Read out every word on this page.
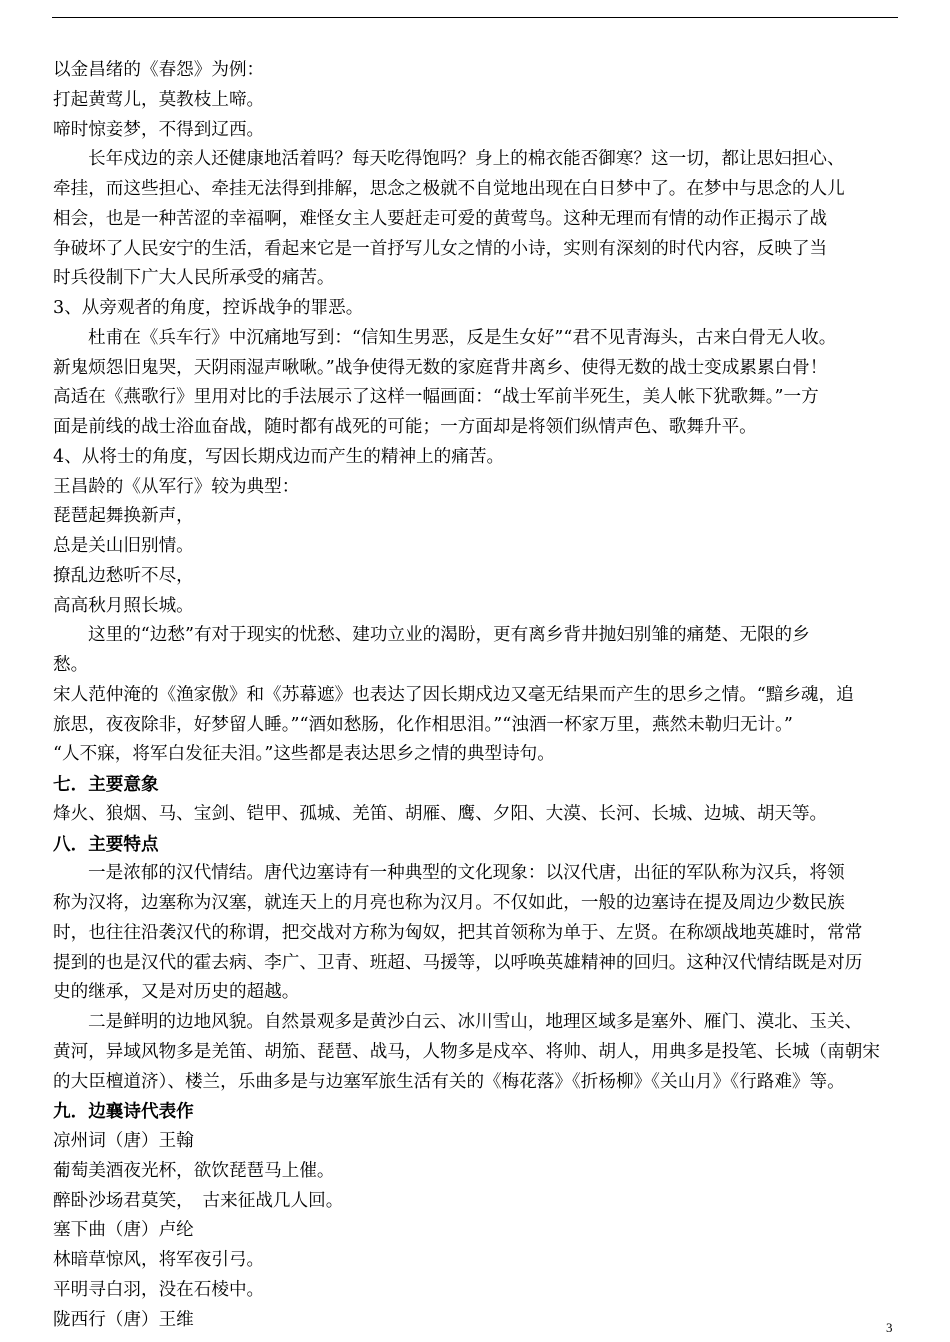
以金昌绪的《春怨》为例：
打起黄莺儿，莫教枝上啼。
啼时惊妾梦，不得到辽西。
长年戍边的亲人还健康地活着吗？每天吃得饱吗？身上的棉衣能否御寒？这一切，都让思妇担心、
牵挂，而这些担心、牵挂无法得到排解，思念之极就不自觉地出现在白日梦中了。在梦中与思念的人儿
相会，也是一种苦涩的幸福啊，难怪女主人要赶走可爱的黄莺鸟。这种无理而有情的动作正揭示了战
争破坏了人民安宁的生活，看起来它是一首抒写儿女之情的小诗，实则有深刻的时代内容，反映了当
时兵役制下广大人民所承受的痛苦。
3、从旁观者的角度，控诉战争的罪恶。
杜甫在《兵车行》中沉痛地写到：“信知生男恶，反是生女好”“君不见青海头，古来白骨无人收。
新鬼烦怨旧鬼哭，天阴雨湿声啾啾。”战争使得无数的家庭背井离乡、使得无数的战士变成累累白骨！
高适在《燕歌行》里用对比的手法展示了这样一幅画面：“战士军前半死生，美人帐下犹歌舞。”一方
面是前线的战士浴血奋战，随时都有战死的可能；一方面却是将领们纵情声色、歌舞升平。
4、从将士的角度，写因长期戍边而产生的精神上的痛苦。
王昌龄的《从军行》较为典型：
琵琶起舞换新声，
总是关山旧别情。
撩乱边愁听不尽，
高高秋月照长城。
这里的“边愁”有对于现实的忧愁、建功立业的渴盼，更有离乡背井抛妇别雏的痛楚、无限的乡
愁。
宋人范仲淹的《渔家傲》和《苏幕遮》也表达了因长期戍边又毫无结果而产生的思乡之情。“黯乡魂，追
旅思，夜夜除非，好梦留人睡。”“酒如愁肠，化作相思泪。”“浊酒一杯家万里，燕然未勒归无计。”
“人不寐，将军白发征夫泪。”这些都是表达思乡之情的典型诗句。
七．主要意象
烽火、狼烟、马、宝剑、铠甲、孤城、羌笛、胡雁、鹰、夕阳、大漠、长河、长城、边城、胡天等。
八．主要特点
一是浓郁的汉代情结。唐代边塞诗有一种典型的文化现象：以汉代唐，出征的军队称为汉兵，将领
称为汉将，边塞称为汉塞，就连天上的月亮也称为汉月。不仅如此，一般的边塞诗在提及周边少数民族
时，也往往沿袭汉代的称谓，把交战对方称为匈奴，把其首领称为单于、左贤。在称颂战地英雄时，常常
提到的也是汉代的霍去病、李广、卫青、班超、马援等，以呼唤英雄精神的回归。这种汉代情结既是对历
史的继承，又是对历史的超越。
二是鲜明的边地风貌。自然景观多是黄沙白云、冰川雪山，地理区域多是塞外、雁门、漠北、玉关、
黄河，异域风物多是羌笛、胡笳、琵琶、战马，人物多是戍卒、将帅、胡人，用典多是投笔、长城（南朝宋
的大臣檀道济）、楼兰，乐曲多是与边塞军旅生活有关的《梅花落》《折杨柳》《关山月》《行路难》等。
九．边襄诗代表作
凉州词（唐）王翰
葡萄美酒夜光杯，欲饮琵琶马上催。
醉卧沙场君莫笑，　古来征战几人回。
塞下曲（唐）卢纶
林暗草惊风，将军夜引弓。
平明寻白羽，没在石棱中。
陇西行（唐）王维	3
